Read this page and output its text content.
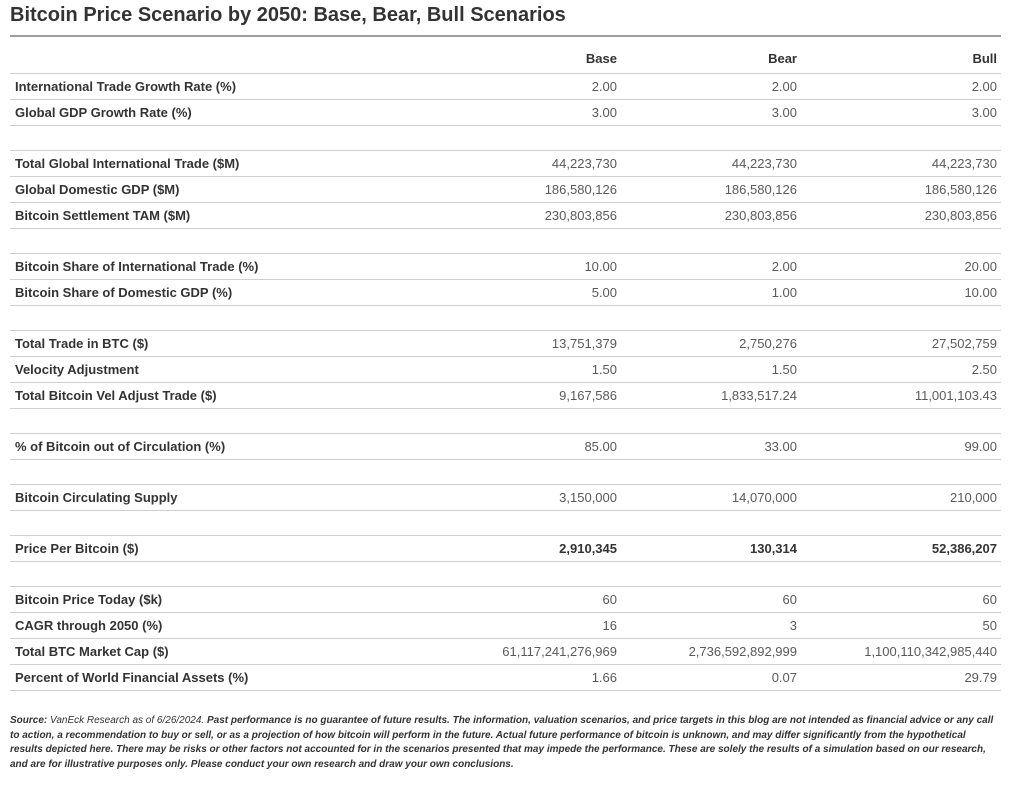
Bitcoin Price Scenario by 2050: Base, Bear, Bull Scenarios
	Base	Bear	Bull
International Trade Growth Rate (%)	2.00	2.00	2.00
Global GDP Growth Rate (%)	3.00	3.00	3.00

Total Global International Trade ($M)	44,223,730	44,223,730	44,223,730
Global Domestic GDP ($M)	186,580,126	186,580,126	186,580,126
Bitcoin Settlement TAM ($M)	230,803,856	230,803,856	230,803,856

Bitcoin Share of International Trade (%)	10.00	2.00	20.00
Bitcoin Share of Domestic GDP (%)	5.00	1.00	10.00

Total Trade in BTC ($)	13,751,379	2,750,276	27,502,759
Velocity Adjustment	1.50	1.50	2.50
Total Bitcoin Vel Adjust Trade ($)	9,167,586	1,833,517.24	11,001,103.43

% of Bitcoin out of Circulation (%)	85.00	33.00	99.00

Bitcoin Circulating Supply	3,150,000	14,070,000	210,000

Price Per Bitcoin ($)	2,910,345	130,314	52,386,207

Bitcoin Price Today ($k)	60	60	60
CAGR through 2050 (%)	16	3	50
Total BTC Market Cap ($)	61,117,241,276,969	2,736,592,892,999	1,100,110,342,985,440
Percent of World Financial Assets (%)	1.66	0.07	29.79
Source: VanEck Research as of 6/26/2024. Past performance is no guarantee of future results. The information, valuation scenarios, and price targets in this blog are not intended as financial advice or any call to action, a recommendation to buy or sell, or as a projection of how bitcoin will perform in the future. Actual future performance of bitcoin is unknown, and may differ significantly from the hypothetical results depicted here. There may be risks or other factors not accounted for in the scenarios presented that may impede the performance. These are solely the results of a simulation based on our research, and are for illustrative purposes only. Please conduct your own research and draw your own conclusions.
